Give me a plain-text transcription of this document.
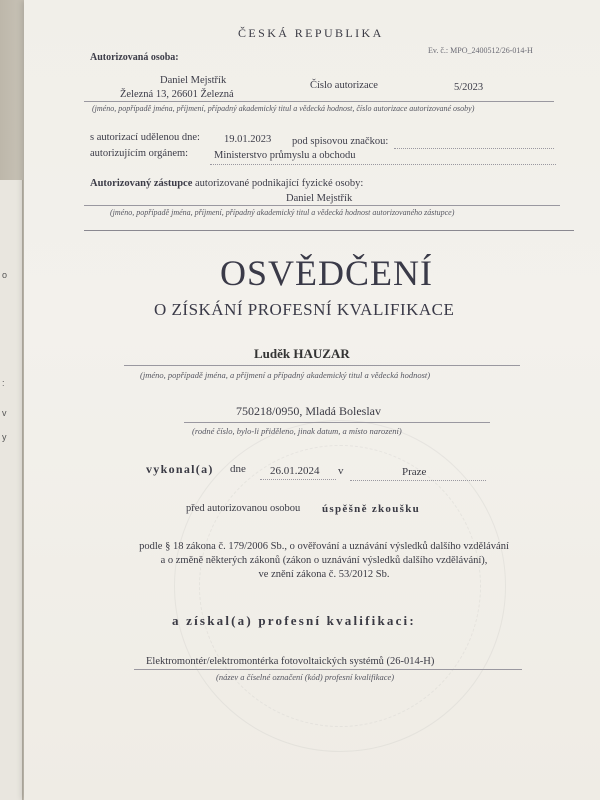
o
:
v
y
ČESKÁ REPUBLIKA
Ev. č.: MPO_2400512/26-014-H
Autorizovaná osoba:
Daniel Mejstřík	Číslo autorizace	5/2023
Železná 13, 26601 Železná
(jméno, popřípadě jména, příjmení, případný akademický titul a vědecká hodnost, číslo autorizace autorizované osoby)
s autorizací udělenou dne: 19.01.2023 pod spisovou značkou:
autorizujícím orgánem: Ministerstvo průmyslu a obchodu
Autorizovaný zástupce autorizované podnikající fyzické osoby:
Daniel Mejstřík
(jméno, popřípadě jména, příjmení, případný akademický titul a vědecká hodnost autorizovaného zástupce)
OSVĚDČENÍ
O ZÍSKÁNÍ PROFESNÍ KVALIFIKACE
Luděk HAUZAR
(jméno, popřípadě jména, a příjmení a případný akademický titul a vědecká hodnost)
750218/0950, Mladá Boleslav
(rodné číslo, bylo-li přiděleno, jinak datum, a místo narození)
vykonal(a) dne 26.01.2024 v	Praze
před autorizovanou osobou úspěšně zkoušku
podle § 18 zákona č. 179/2006 Sb., o ověřování a uznávání výsledků dalšího vzdělávání
a o změně některých zákonů (zákon o uznávání výsledků dalšího vzdělávání),
ve znění zákona č. 53/2012 Sb.
a získal(a) profesní kvalifikaci:
Elektromontér/elektromontérka fotovoltaických systémů (26-014-H)
(název a číselné označení (kód) profesní kvalifikace)
